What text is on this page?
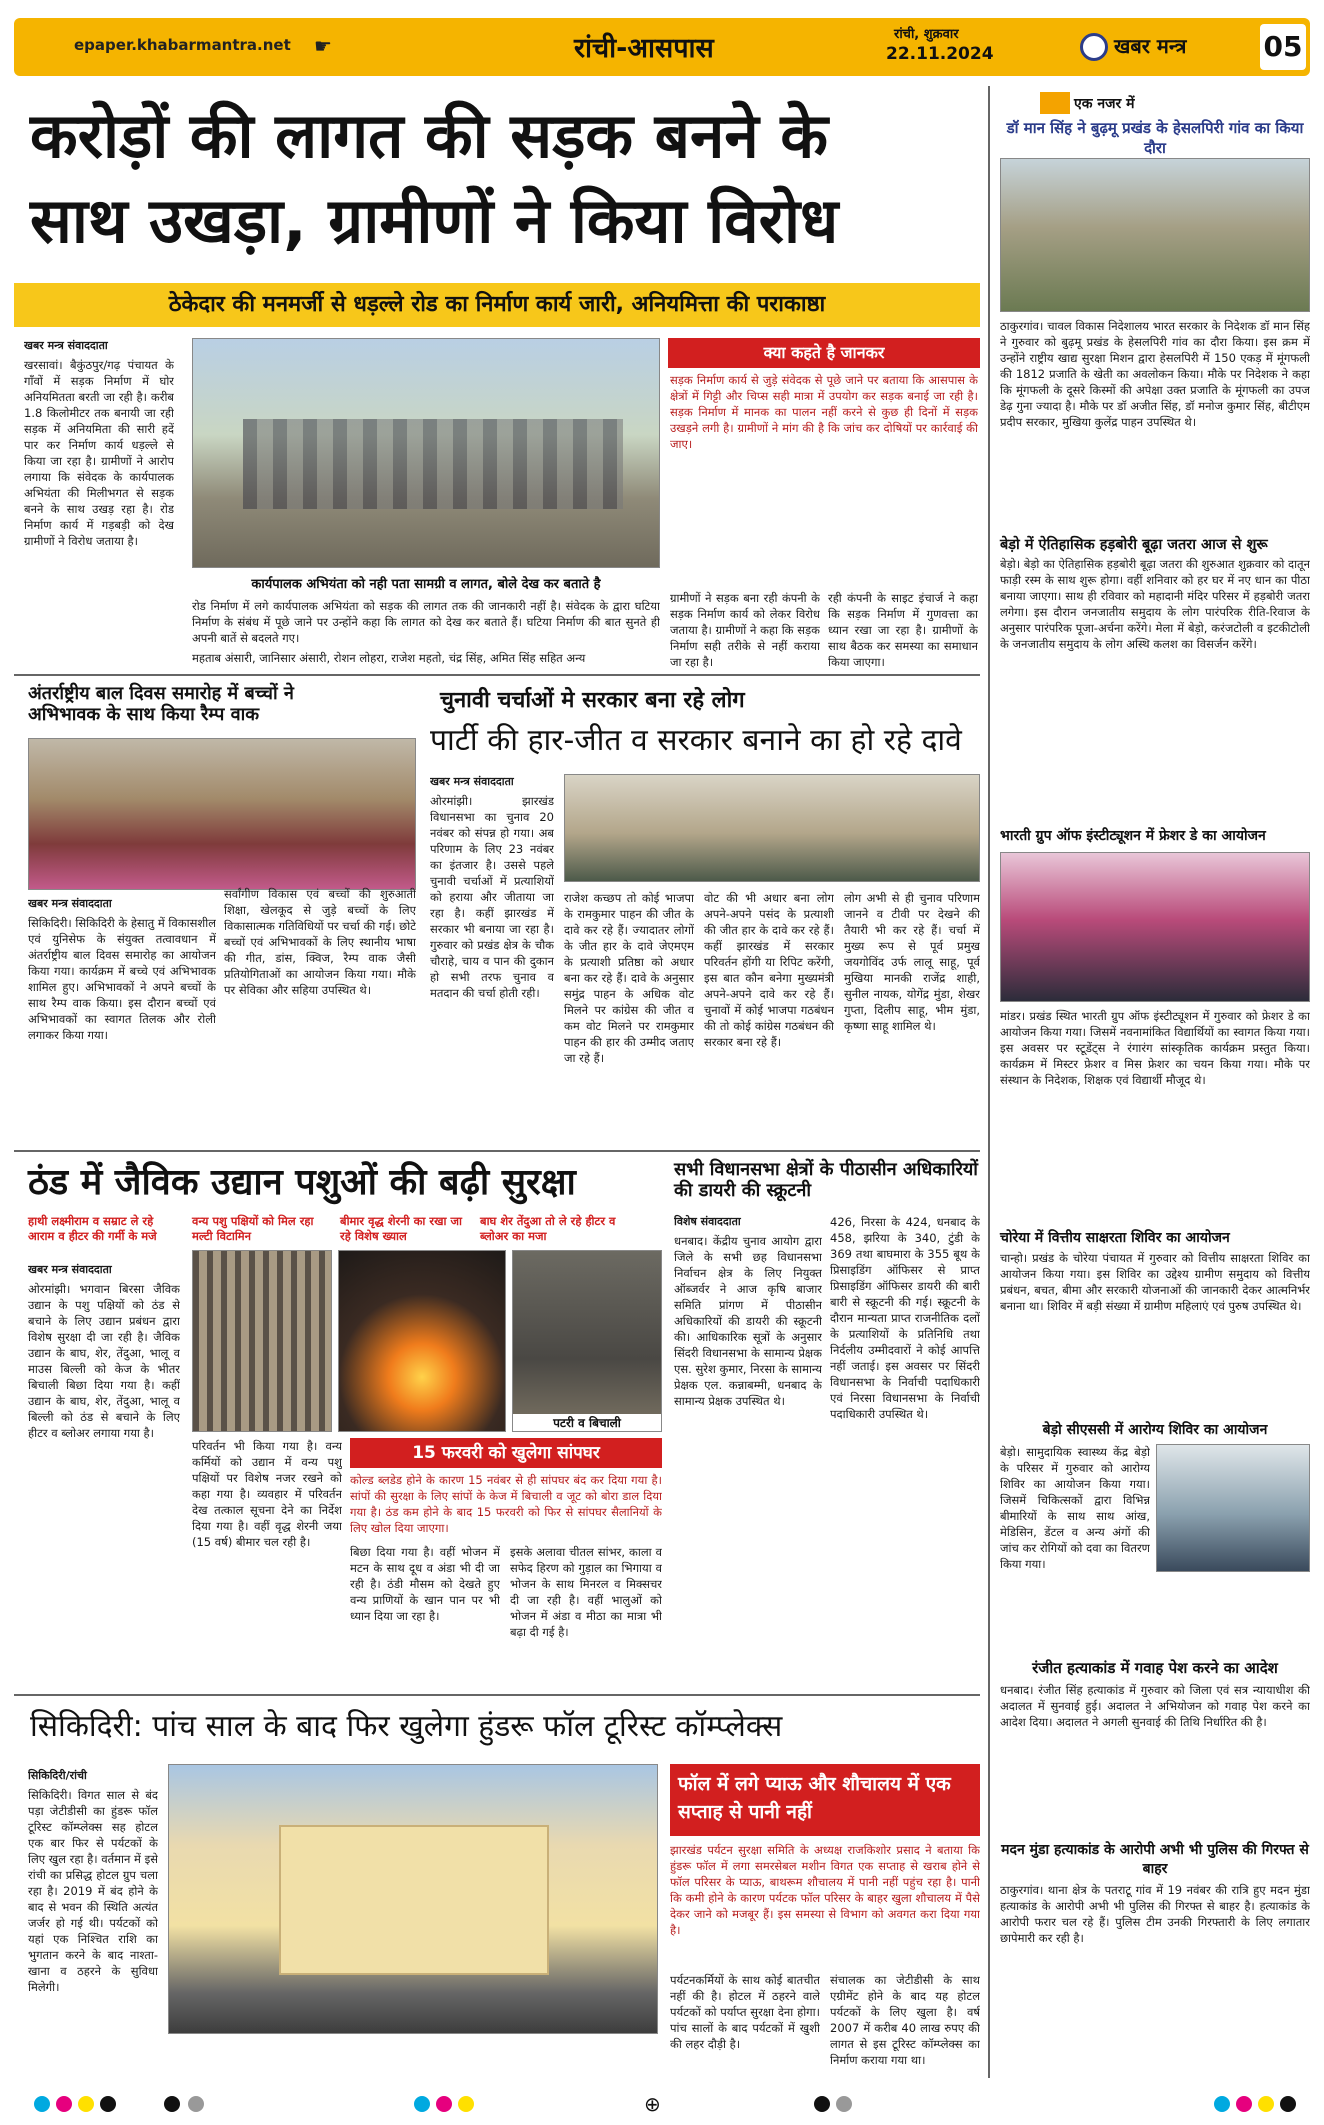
epaper.khabarmantra.net ☛	रांची-आसपास	रांची, शुक्रवार
22.11.2024	खबर मन्त्र	05
करोड़ों की लागत की सड़क बनने के
साथ उखड़ा, ग्रामीणों ने किया विरोध
ठेकेदार की मनमर्जी से धड़ल्ले रोड का निर्माण कार्य जारी, अनियमित्ता की पराकाष्ठा
खबर मन्त्र संवाददाता
खरसावां। बैकुंठपुर/गढ़ पंचायत के गाँवों में सड़क निर्माण में घोर अनियमितता बरती जा रही है। करीब 1.8 किलोमीटर तक बनायी जा रही सड़क में अनियमिता की सारी हदें पार कर निर्माण कार्य धड़ल्ले से किया जा रहा है। ग्रामीणों ने आरोप लगाया कि संवेदक के कार्यपालक अभियंता की मिलीभगत से सड़क बनने के साथ उखड़ रहा है। रोड निर्माण कार्य में गड़बड़ी को देख ग्रामीणों ने विरोध जताया है।
कार्यपालक अभियंता को नही पता सामग्री व लागत, बोले देख कर बताते है
क्या कहते है जानकर
सड़क निर्माण कार्य से जुड़े संवेदक से पूछे जाने पर बताया कि आसपास के क्षेत्रों में गिट्टी और चिप्स सही मात्रा में उपयोग कर सड़क बनाई जा रही है। सड़क निर्माण में मानक का पालन नहीं करने से कुछ ही दिनों में सड़क उखड़ने लगी है। ग्रामीणों ने मांग की है कि जांच कर दोषियों पर कार्रवाई की जाए।
रोड निर्माण में लगे कार्यपालक अभियंता को सड़क की लागत तक की जानकारी नहीं है। संवेदक के द्वारा घटिया निर्माण के संबंध में पूछे जाने पर उन्होंने कहा कि लागत को देख कर बताते हैं। घटिया निर्माण की बात सुनते ही अपनी बातें से बदलते गए।
महताब अंसारी, जानिसार अंसारी, रोशन लोहरा, राजेश महतो, चंद्र सिंह, अमित सिंह सहित अन्य
ग्रामीणों ने सड़क बना रही कंपनी के सड़क निर्माण कार्य को लेकर विरोध जताया है। ग्रामीणों ने कहा कि सड़क निर्माण सही तरीके से नहीं कराया जा रहा है।
रही कंपनी के साइट इंचार्ज ने कहा कि सड़क निर्माण में गुणवत्ता का ध्यान रखा जा रहा है। ग्रामीणों के साथ बैठक कर समस्या का समाधान किया जाएगा।
अंतर्राष्ट्रीय बाल दिवस समारोह में बच्चों ने अभिभावक के साथ किया रैम्प वाक
खबर मन्त्र संवाददाता
सिकिदिरी। सिकिदिरी के हेसातु में विकासशील एवं युनिसेफ के संयुक्त तत्वावधान में अंतर्राष्ट्रीय बाल दिवस समारोह का आयोजन किया गया। कार्यक्रम में बच्चे एवं अभिभावक शामिल हुए। अभिभावकों ने अपने बच्चों के साथ रैम्प वाक किया। इस दौरान बच्चों एवं अभिभावकों का स्वागत तिलक और रोली लगाकर किया गया।
सर्वांगीण विकास एवं बच्चों की शुरुआती शिक्षा, खेलकूद से जुड़े बच्चों के लिए विकासात्मक गतिविधियों पर चर्चा की गई। छोटे बच्चों एवं अभिभावकों के लिए स्थानीय भाषा की गीत, डांस, क्विज, रैम्प वाक जैसी प्रतियोगिताओं का आयोजन किया गया। मौके पर सेविका और सहिया उपस्थित थे।
चुनावी चर्चाओं मे सरकार बना रहे लोग
पार्टी की हार-जीत व सरकार बनाने का हो रहे दावे
खबर मन्त्र संवाददाता
ओरमांझी। झारखंड विधानसभा का चुनाव 20 नवंबर को संपन्न हो गया। अब परिणाम के लिए 23 नवंबर का इंतजार है। उससे पहले चुनावी चर्चाओं में प्रत्याशियों को हराया और जीताया जा रहा है। कहीं झारखंड में सरकार भी बनाया जा रहा है। गुरुवार को प्रखंड क्षेत्र के चौक चौराहे, चाय व पान की दुकान हो सभी तरफ चुनाव व मतदान की चर्चा होती रही।
राजेश कच्छप तो कोई भाजपा के रामकुमार पाहन की जीत के दावे कर रहे हैं। ज्यादातर लोगों के जीत हार के दावे जेएमएम के प्रत्याशी प्रतिष्ठा को अधार बना कर रहे हैं। दावे के अनुसार समुंद्र पाहन के अधिक वोट मिलने पर कांग्रेस की जीत व कम वोट मिलने पर रामकुमार पाहन की हार की उम्मीद जताए जा रहे हैं।
वोट की भी अधार बना लोग अपने-अपने पसंद के प्रत्याशी की जीत हार के दावे कर रहे हैं। कहीं झारखंड में सरकार परिवर्तन होंगी या रिपिट करेंगी, इस बात कौन बनेगा मुख्यमंत्री अपने-अपने दावे कर रहे हैं। चुनावों में कोई भाजपा गठबंधन की तो कोई कांग्रेस गठबंधन की सरकार बना रहे हैं।
लोग अभी से ही चुनाव परिणाम जानने व टीवी पर देखने की तैयारी भी कर रहे हैं। चर्चा में मुख्य रूप से पूर्व प्रमुख जयगोविंद उर्फ लालू साहू, पूर्व मुखिया मानकी राजेंद्र शाही, सुनील नायक, योगेंद्र मुंडा, शेखर गुप्ता, दिलीप साहू, भीम मुंडा, कृष्णा साहू शामिल थे।
ठंड में जैविक उद्यान पशुओं की बढ़ी सुरक्षा
हाथी लक्ष्मीराम व सम्राट ले रहे आराम व हीटर की गर्मी के मजे
वन्य पशु पक्षियों को मिल रहा मल्टी विटामिन
बीमार वृद्ध शेरनी का रखा जा रहे विशेष ख्याल
बाघ शेर तेंदुआ तो ले रहे हीटर व ब्लोअर का मजा
खबर मन्त्र संवाददाता
ओरमांझी। भगवान बिरसा जैविक उद्यान के पशु पक्षियों को ठंड से बचाने के लिए उद्यान प्रबंधन द्वारा विशेष सुरक्षा दी जा रही है। जैविक उद्यान के बाघ, शेर, तेंदुआ, भालू व माउस बिल्ली को केज के भीतर बिचाली बिछा दिया गया है। कहीं उद्यान के बाघ, शेर, तेंदुआ, भालू व बिल्ली को ठंड से बचाने के लिए हीटर व ब्लोअर लगाया गया है।
पटरी व बिचाली
परिवर्तन भी किया गया है। वन्य कर्मियों को उद्यान में वन्य पशु पक्षियों पर विशेष नजर रखने को कहा गया है। व्यवहार में परिवर्तन देख तत्काल सूचना देने का निर्देश दिया गया है। वहीं वृद्ध शेरनी जया (15 वर्ष) बीमार चल रही है।
15 फरवरी को खुलेगा सांपघर
कोल्ड ब्लडेड होने के कारण 15 नवंबर से ही सांपघर बंद कर दिया गया है। सांपों की सुरक्षा के लिए सांपों के केज में बिचाली व जूट को बोरा डाल दिया गया है। ठंड कम होने के बाद 15 फरवरी को फिर से सांपघर सैलानियों के लिए खोल दिया जाएगा।
बिछा दिया गया है। वहीं भोजन में मटन के साथ दूध व अंडा भी दी जा रही है। ठंडी मौसम को देखते हुए वन्य प्राणियों के खान पान पर भी ध्यान दिया जा रहा है।
इसके अलावा चीतल सांभर, काला व सफेद हिरण को गुड़ाल का भिगाया व भोजन के साथ मिनरल व मिक्सचर दी जा रही है। वहीं भालुओं को भोजन में अंडा व मीठा का मात्रा भी बढ़ा दी गई है।
सभी विधानसभा क्षेत्रों के पीठासीन अधिकारियों की डायरी की स्क्रूटनी
विशेष संवाददाता
धनबाद। केंद्रीय चुनाव आयोग द्वारा जिले के सभी छह विधानसभा निर्वाचन क्षेत्र के लिए नियुक्त ऑब्जर्वर ने आज कृषि बाजार समिति प्रांगण में पीठासीन अधिकारियों की डायरी की स्क्रूटनी की। आधिकारिक सूत्रों के अनुसार सिंदरी विधानसभा के सामान्य प्रेक्षक एस. सुरेश कुमार, निरसा के सामान्य प्रेक्षक एल. कन्नाबम्मी, धनबाद के सामान्य प्रेक्षक उपस्थित थे।
426, निरसा के 424, धनबाद के 458, झरिया के 340, टुंडी के 369 तथा बाघमारा के 355 बूथ के प्रिसाइडिंग ऑफिसर से प्राप्त प्रिसाइडिंग ऑफिसर डायरी की बारी बारी से स्क्रूटनी की गई। स्क्रूटनी के दौरान मान्यता प्राप्त राजनीतिक दलों के प्रत्याशियों के प्रतिनिधि तथा निर्दलीय उम्मीदवारों ने कोई आपत्ति नहीं जताई। इस अवसर पर सिंदरी विधानसभा के निर्वाची पदाधिकारी एवं निरसा विधानसभा के निर्वाची पदाधिकारी उपस्थित थे।
सिकिदिरी: पांच साल के बाद फिर खुलेगा हुंडरू फॉल टूरिस्ट कॉम्प्लेक्स
सिकिदिरी/रांची
सिकिदिरी। विगत साल से बंद पड़ा जेटीडीसी का हुंडरू फॉल टूरिस्ट कॉम्प्लेक्स सह होटल एक बार फिर से पर्यटकों के लिए खुल रहा है। वर्तमान में इसे रांची का प्रसिद्ध होटल ग्रुप चला रहा है। 2019 में बंद होने के बाद से भवन की स्थिति अत्यंत जर्जर हो गई थी। पर्यटकों को यहां एक निश्चित राशि का भुगतान करने के बाद नाश्ता-खाना व ठहरने के सुविधा मिलेगी।
फॉल में लगे प्याऊ और शौचालय में एक सप्ताह से पानी नहीं
झारखंड पर्यटन सुरक्षा समिति के अध्यक्ष राजकिशोर प्रसाद ने बताया कि हुंडरू फॉल में लगा समरसेबल मशीन विगत एक सप्ताह से खराब होने से फॉल परिसर के प्याऊ, बाथरूम शौचालय में पानी नहीं पहुंच रहा है। पानी कि कमी होने के कारण पर्यटक फॉल परिसर के बाहर खुला शौचालय में पैसे देकर जाने को मजबूर हैं। इस समस्या से विभाग को अवगत करा दिया गया है।
पर्यटनकर्मियों के साथ कोई बातचीत नहीं की है। होटल में ठहरने वाले पर्यटकों को पर्याप्त सुरक्षा देना होगा। पांच सालों के बाद पर्यटकों में खुशी की लहर दौड़ी है।
संचालक का जेटीडीसी के साथ एग्रीमेंट होने के बाद यह होटल पर्यटकों के लिए खुला है। वर्ष 2007 में करीब 40 लाख रुपए की लागत से इस टूरिस्ट कॉम्प्लेक्स का निर्माण कराया गया था।
एक नजर में
डॉ मान सिंह ने बुढ़मू प्रखंड के हेसलपिरी गांव का किया दौरा
ठाकुरगांव। चावल विकास निदेशालय भारत सरकार के निदेशक डॉ मान सिंह ने गुरुवार को बुढ़मू प्रखंड के हेसलपिरी गांव का दौरा किया। इस क्रम में उन्होंने राष्ट्रीय खाद्य सुरक्षा मिशन द्वारा हेसलपिरी में 150 एकड़ में मूंगफली की 1812 प्रजाति के खेती का अवलोकन किया। मौके पर निदेशक ने कहा कि मूंगफली के दूसरे किस्मों की अपेक्षा उक्त प्रजाति के मूंगफली का उपज डेढ़ गुना ज्यादा है। मौके पर डॉ अजीत सिंह, डॉ मनोज कुमार सिंह, बीटीएम प्रदीप सरकार, मुखिया कुलेंद्र पाहन उपस्थित थे।
बेड़ो में ऐतिहासिक हड़बोरी बूढ़ा जतरा आज से शुरू
बेड़ो। बेड़ो का ऐतिहासिक हड़बोरी बूढ़ा जतरा की शुरुआत शुक्रवार को दातून फाड़ी रस्म के साथ शुरू होगा। वहीं शनिवार को हर घर में नए धान का पीठा बनाया जाएगा। साथ ही रविवार को महादानी मंदिर परिसर में हड़बोरी जतरा लगेगा। इस दौरान जनजातीय समुदाय के लोग पारंपरिक रीति-रिवाज के अनुसार पारंपरिक पूजा-अर्चना करेंगे। मेला में बेड़ो, करंजटोली व इटकीटोली के जनजातीय समुदाय के लोग अस्थि कलश का विसर्जन करेंगे।
भारती ग्रुप ऑफ इंस्टीट्यूशन में फ्रेशर डे का आयोजन
मांडर। प्रखंड स्थित भारती ग्रुप ऑफ इंस्टीट्यूशन में गुरुवार को फ्रेशर डे का आयोजन किया गया। जिसमें नवनामांकित विद्यार्थियों का स्वागत किया गया। इस अवसर पर स्टूडेंट्स ने रंगारंग सांस्कृतिक कार्यक्रम प्रस्तुत किया। कार्यक्रम में मिस्टर फ्रेशर व मिस फ्रेशर का चयन किया गया। मौके पर संस्थान के निदेशक, शिक्षक एवं विद्यार्थी मौजूद थे।
चोरेया में वित्तीय साक्षरता शिविर का आयोजन
चान्हो। प्रखंड के चोरेया पंचायत में गुरुवार को वित्तीय साक्षरता शिविर का आयोजन किया गया। इस शिविर का उद्देश्य ग्रामीण समुदाय को वित्तीय प्रबंधन, बचत, बीमा और सरकारी योजनाओं की जानकारी देकर आत्मनिर्भर बनाना था। शिविर में बड़ी संख्या में ग्रामीण महिलाएं एवं पुरुष उपस्थित थे।
बेड़ो सीएससी में आरोग्य शिविर का आयोजन
बेड़ो। सामुदायिक स्वास्थ्य केंद्र बेड़ो के परिसर में गुरुवार को आरोग्य शिविर का आयोजन किया गया। जिसमें चिकित्सकों द्वारा विभिन्न बीमारियों के साथ साथ आंख, मेडिसिन, डेंटल व अन्य अंगों की जांच कर रोगियों को दवा का वितरण किया गया।
रंजीत हत्याकांड में गवाह पेश करने का आदेश
धनबाद। रंजीत सिंह हत्याकांड में गुरुवार को जिला एवं सत्र न्यायाधीश की अदालत में सुनवाई हुई। अदालत ने अभियोजन को गवाह पेश करने का आदेश दिया। अदालत ने अगली सुनवाई की तिथि निर्धारित की है।
मदन मुंडा हत्याकांड के आरोपी अभी भी पुलिस की गिरफ्त से बाहर
ठाकुरगांव। थाना क्षेत्र के पतराटू गांव में 19 नवंबर की रात्रि हुए मदन मुंडा हत्याकांड के आरोपी अभी भी पुलिस की गिरफ्त से बाहर है। हत्याकांड के आरोपी फरार चल रहे हैं। पुलिस टीम उनकी गिरफ्तारी के लिए लगातार छापेमारी कर रही है।
⊕
